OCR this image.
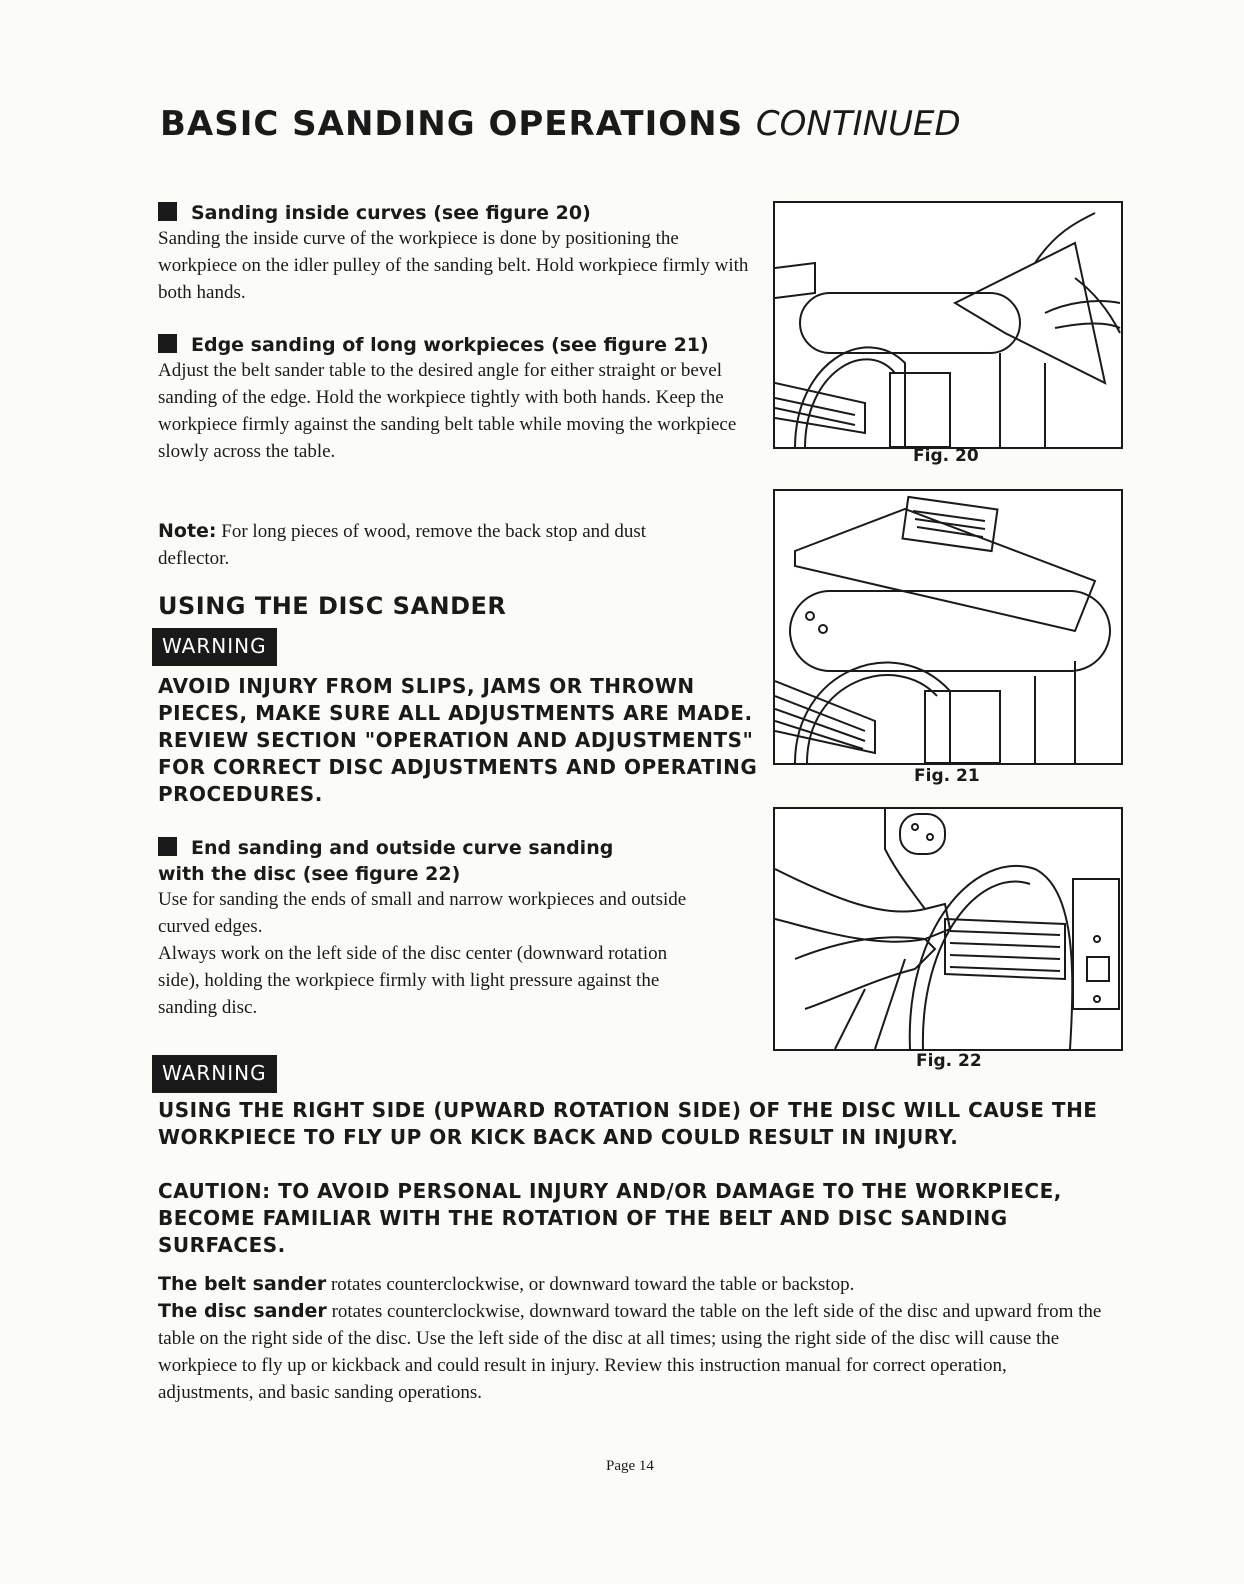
BASIC SANDING OPERATIONS CONTINUED
Sanding inside curves (see figure 20)
Sanding the inside curve of the workpiece is done by positioning the workpiece on the idler pulley of the sanding belt. Hold workpiece firmly with both hands.
Edge sanding of long workpieces (see figure 21)
Adjust the belt sander table to the desired angle for either straight or bevel sanding of the edge. Hold the workpiece tightly with both hands. Keep the workpiece firmly against the sanding belt table while moving the workpiece slowly across the table.
Note: For long pieces of wood, remove the back stop and dust deflector.
USING THE DISC SANDER
WARNING
AVOID INJURY FROM SLIPS, JAMS OR THROWN PIECES, MAKE SURE ALL ADJUSTMENTS ARE MADE. REVIEW SECTION "OPERATION AND ADJUSTMENTS" FOR CORRECT DISC ADJUSTMENTS AND OPERATING PROCEDURES.
End sanding and outside curve sanding
with the disc (see figure 22)
Use for sanding the ends of small and narrow workpieces and outside curved edges.
Always work on the left side of the disc center (downward rotation side), holding the workpiece firmly with light pressure against the sanding disc.
WARNING
USING THE RIGHT SIDE (UPWARD ROTATION SIDE) OF THE DISC WILL CAUSE THE WORKPIECE TO FLY UP OR KICK BACK AND COULD RESULT IN INJURY.
CAUTION: TO AVOID PERSONAL INJURY AND/OR DAMAGE TO THE WORKPIECE, BECOME FAMILIAR WITH THE ROTATION OF THE BELT AND DISC SANDING SURFACES.
The belt sander rotates counterclockwise, or downward toward the table or backstop.
The disc sander rotates counterclockwise, downward toward the table on the left side of the disc and upward from the table on the right side of the disc. Use the left side of the disc at all times; using the right side of the disc will cause the workpiece to fly up or kickback and could result in injury. Review this instruction manual for correct operation, adjustments, and basic sanding operations.
Page 14
Fig. 20
Fig. 21
Fig. 22
